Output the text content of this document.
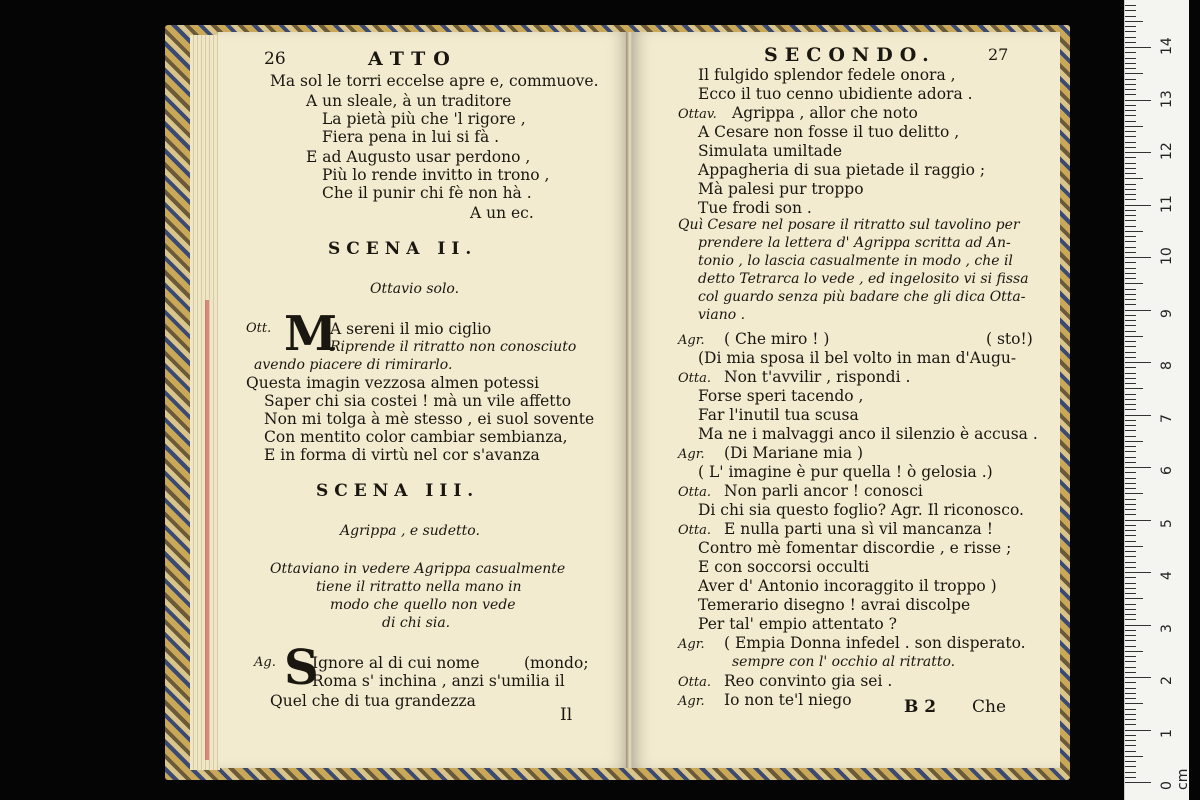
26	ATTO
Ma sol le torri eccelse apre e, commuove.
A un sleale, à un traditore
La pietà più che 'l rigore ,
Fiera pena in lui si fà .
E ad Augusto usar perdono ,
Più lo rende invitto in trono ,
Che il punir chi fè non hà .
A un ec.
SCENA II.
Ottavio solo.
Ott. M
A sereni il mio ciglio
Riprende il ritratto non conosciuto
avendo piacere di rimirarlo.
Questa imagin vezzosa almen potessi
Saper chi sia costei ! mà un vile affetto
Non mi tolga à mè stesso , ei suol sovente
Con mentito color cambiar sembianza,
E in forma di virtù nel cor s'avanza
SCENA III.
Agrippa , e sudetto.
Ottaviano in vedere Agrippa casualmente
tiene il ritratto nella mano in
modo che quello non vede
di chi sia.
Ag. S
Ignore al di cui nome	(mondo;
Roma s' inchina , anzi s'umilia il
Quel che di tua grandezza
Il
SECONDO.	27
Il fulgido splendor fedele onora ,
Ecco il tuo cenno ubidiente adora .
Ottav. Agrippa , allor che noto
A Cesare non fosse il tuo delitto ,
Simulata umiltade
Appagheria di sua pietade il raggio ;
Mà palesi pur troppo
Tue frodi son .
Quì Cesare nel posare il ritratto sul tavolino per
prendere la lettera d' Agrippa scritta ad An-
tonio , lo lascia casualmente in modo , che il
detto Tetrarca lo vede , ed ingelosito vi si fissa
col guardo senza più badare che gli dica Otta-
viano .
Agr. ( Che miro ! )	( sto!)
(Di mia sposa il bel volto in man d'Augu-
Otta. Non t'avvilir , rispondi .
Forse speri tacendo ,
Far l'inutil tua scusa
Ma ne i malvaggi anco il silenzio è accusa .
Agr. (Di Mariane mia )
( L' imagine è pur quella ! ò gelosia .)
Otta. Non parli ancor ! conosci
Di chi sia questo foglio? Agr. Il riconosco.
Otta. E nulla parti una sì vil mancanza !
Contro mè fomentar discordie , e risse ;
E con soccorsi occulti
Aver d' Antonio incoraggito il troppo )
Temerario disegno ! avrai discolpe
Per tal' empio attentato ?
Agr. ( Empia Donna infedel . son disperato.
sempre con l' occhio al ritratto.
Otta. Reo convinto gia sei .
Agr. Io non te'l niego	B 2 Che
0 cm
1
2
3
4
5
6
7
8
9
10
11
12
13
14
